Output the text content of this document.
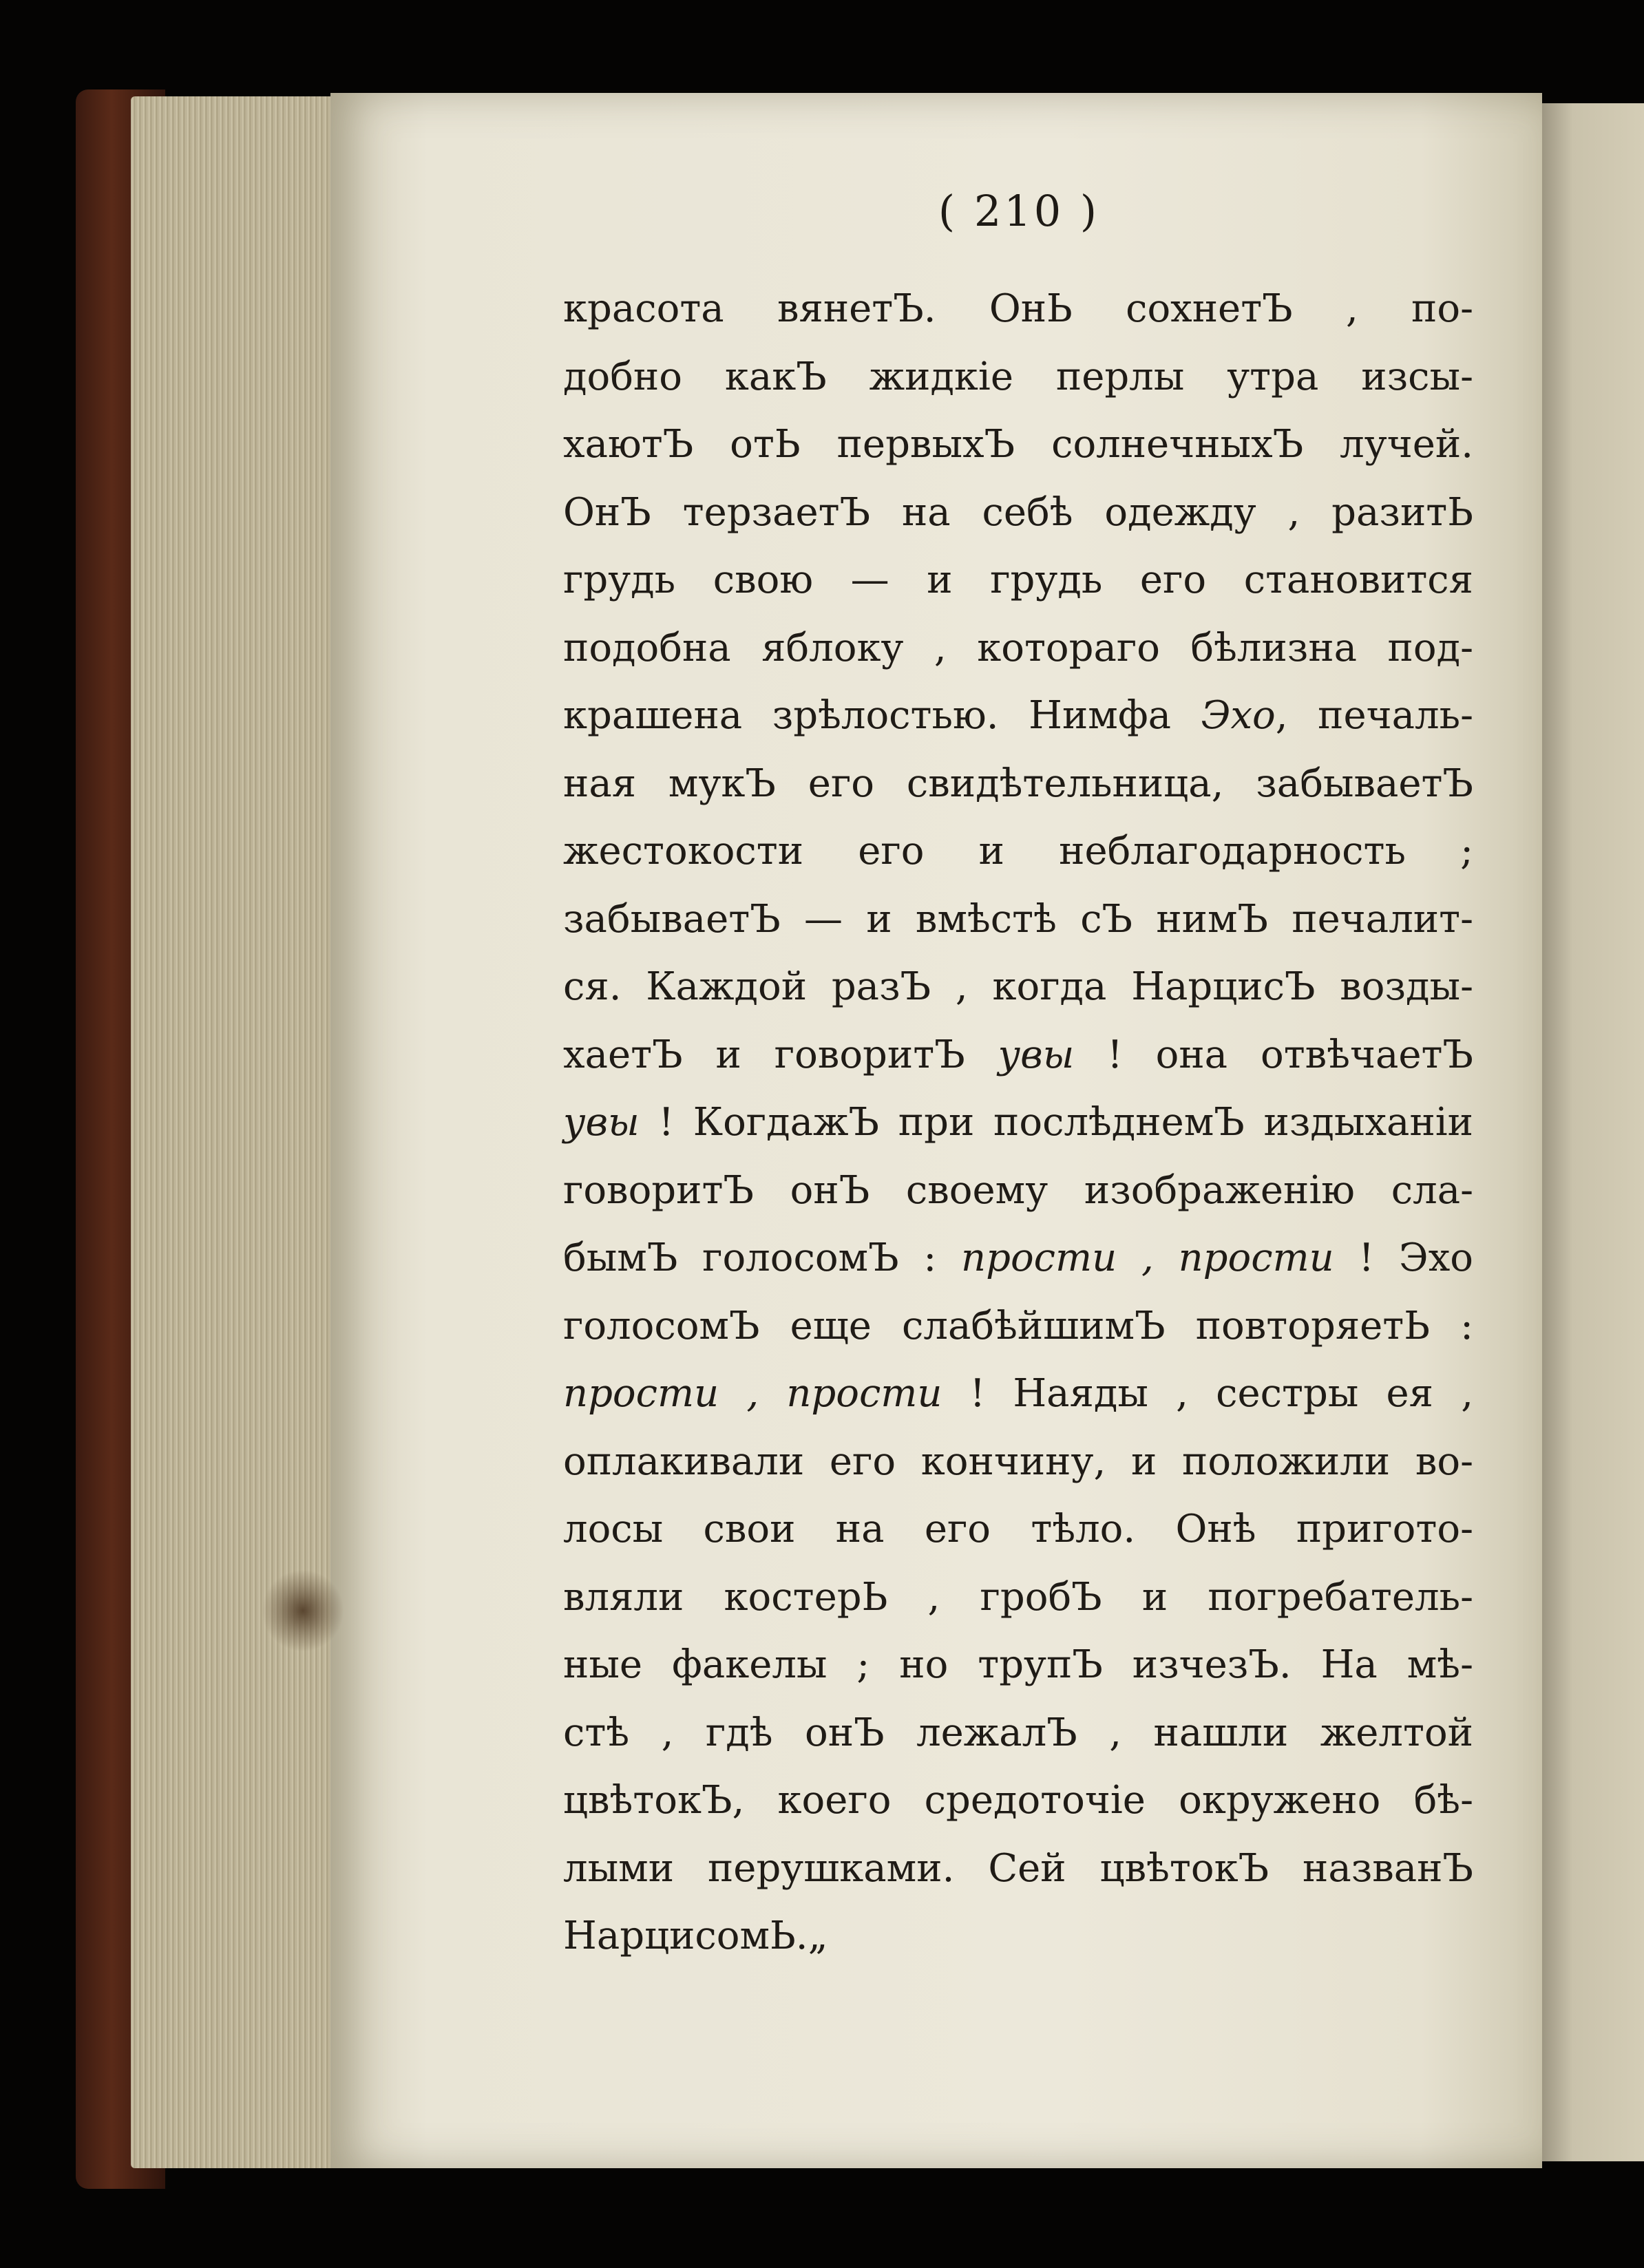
( 210 )
красота вянетЪ. ОнЬ сохнетЪ , по-
добно какЪ жидкіе перлы утра изсы-
хаютЪ отЬ первыхЪ солнечныхЪ лучей.
ОнЪ терзаетЪ на себѣ одежду , разитЬ
грудь свою — и грудь его становится
подобна яблоку , котораго бѣлизна под-
крашена зрѣлостью. Нимфа Эхо, печаль-
ная мукЪ его свидѣтельница, забываетЪ
жестокости его и неблагодарность ;
забываетЪ — и вмѣстѣ сЪ нимЪ печалит-
ся. Каждой разЪ , когда НарцисЪ возды-
хаетЪ и говоритЪ увы ! она отвѣчаетЪ
увы ! КогдажЪ при послѣднемЪ издыханіи
говоритЪ онЪ своему изображенію сла-
бымЪ голосомЪ : прости , прости ! Эхо
голосомЪ еще слабѣйшимЪ повторяетЬ :
прости , прости ! Наяды , сестры ея ,
оплакивали его кончину, и положили во-
лосы свои на его тѣло. Онѣ пригото-
вляли костерЬ , гробЪ и погребатель-
ные факелы ; но трупЪ изчезЪ. На мѣ-
стѣ , гдѣ онЪ лежалЪ , нашли желтой
цвѣтокЪ, коего средоточіе окружено бѣ-
лыми перушками. Сей цвѣтокЪ названЪ
НарцисомЬ.„
